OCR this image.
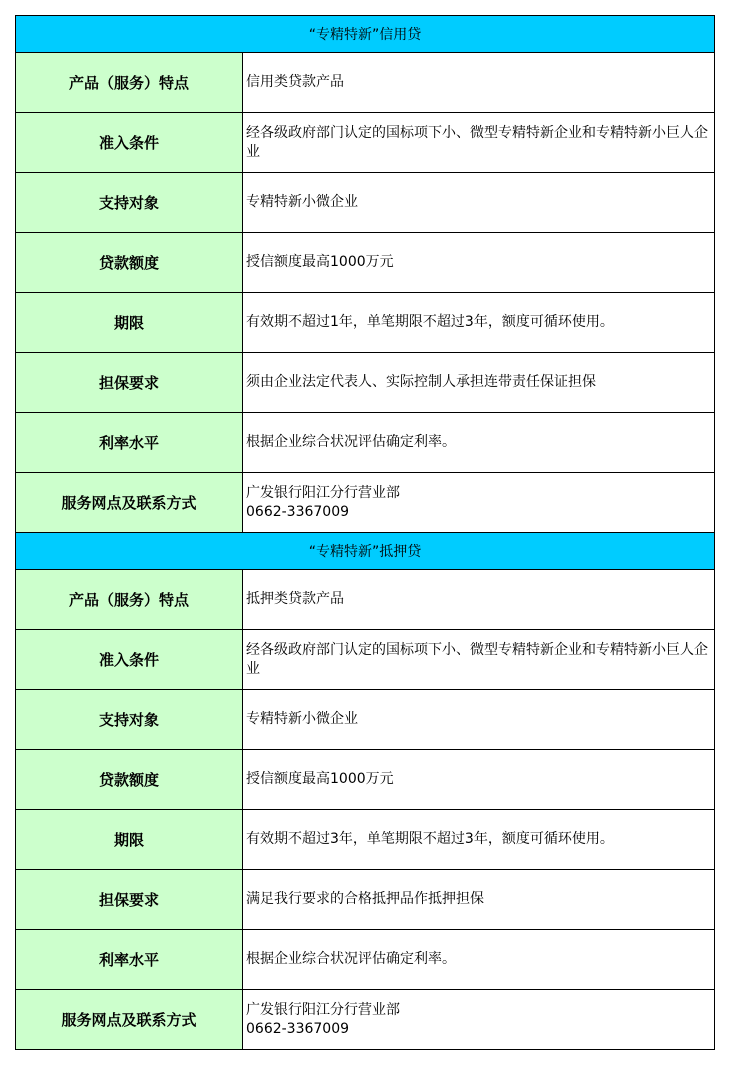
“专精特新”信用贷	
产品（服务）特点	信用类贷款产品

准入条件	经各级政府部门认定的国标项下小、微型专精特新企业和专精特新小巨人企业

支持对象	专精特新小微企业

贷款额度	授信额度最高1000万元

期限	有效期不超过1年，单笔期限不超过3年，额度可循环使用。

担保要求	须由企业法定代表人、实际控制人承担连带责任保证担保

利率水平	根据企业综合状况评估确定利率。

服务网点及联系方式	广发银行阳江分行营业部
0662-3367009

“专精特新”抵押贷	
产品（服务）特点	抵押类贷款产品

准入条件	经各级政府部门认定的国标项下小、微型专精特新企业和专精特新小巨人企业

支持对象	专精特新小微企业

贷款额度	授信额度最高1000万元

期限	有效期不超过3年，单笔期限不超过3年，额度可循环使用。

担保要求	满足我行要求的合格抵押品作抵押担保

利率水平	根据企业综合状况评估确定利率。

服务网点及联系方式	广发银行阳江分行营业部
0662-3367009
